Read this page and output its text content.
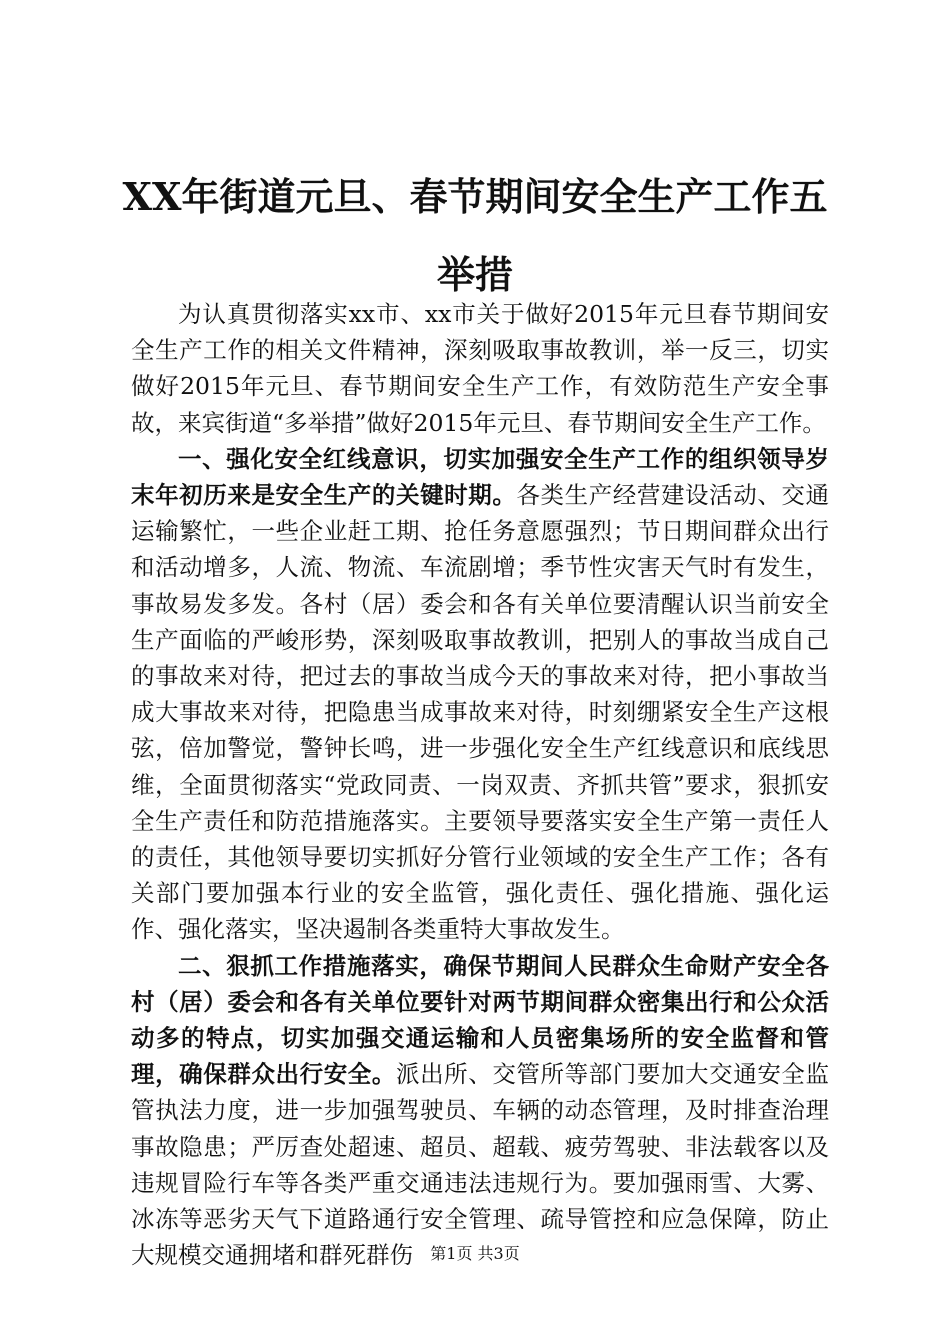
XX年街道元旦、春节期间安全生产工作五举措

为认真贯彻落实xx市、xx市关于做好2015年元旦春节期间安全生产工作的相关文件精神，深刻吸取事故教训，举一反三，切实做好2015年元旦、春节期间安全生产工作，有效防范生产安全事故，来宾街道“多举措”做好2015年元旦、春节期间安全生产工作。

一、强化安全红线意识，切实加强安全生产工作的组织领导岁末年初历来是安全生产的关键时期。各类生产经营建设活动、交通运输繁忙，一些企业赶工期、抢任务意愿强烈；节日期间群众出行和活动增多，人流、物流、车流剧增；季节性灾害天气时有发生，事故易发多发。各村（居）委会和各有关单位要清醒认识当前安全生产面临的严峻形势，深刻吸取事故教训，把别人的事故当成自己的事故来对待，把过去的事故当成今天的事故来对待，把小事故当成大事故来对待，把隐患当成事故来对待，时刻绷紧安全生产这根弦，倍加警觉，警钟长鸣，进一步强化安全生产红线意识和底线思维，全面贯彻落实“党政同责、一岗双责、齐抓共管”要求，狠抓安全生产责任和防范措施落实。主要领导要落实安全生产第一责任人的责任，其他领导要切实抓好分管行业领域的安全生产工作；各有关部门要加强本行业的安全监管，强化责任、强化措施、强化运作、强化落实，坚决遏制各类重特大事故发生。

二、狠抓工作措施落实，确保节期间人民群众生命财产安全各村（居）委会和各有关单位要针对两节期间群众密集出行和公众活动多的特点，切实加强交通运输和人员密集场所的安全监督和管理，确保群众出行安全。派出所、交管所等部门要加大交通安全监管执法力度，进一步加强驾驶员、车辆的动态管理，及时排查治理事故隐患；严厉查处超速、超员、超载、疲劳驾驶、非法载客以及违规冒险行车等各类严重交通违法违规行为。要加强雨雪、大雾、冰冻等恶劣天气下道路通行安全管理、疏导管控和应急保障，防止大规模交通拥堵和群死群伤	第1页 共3页
